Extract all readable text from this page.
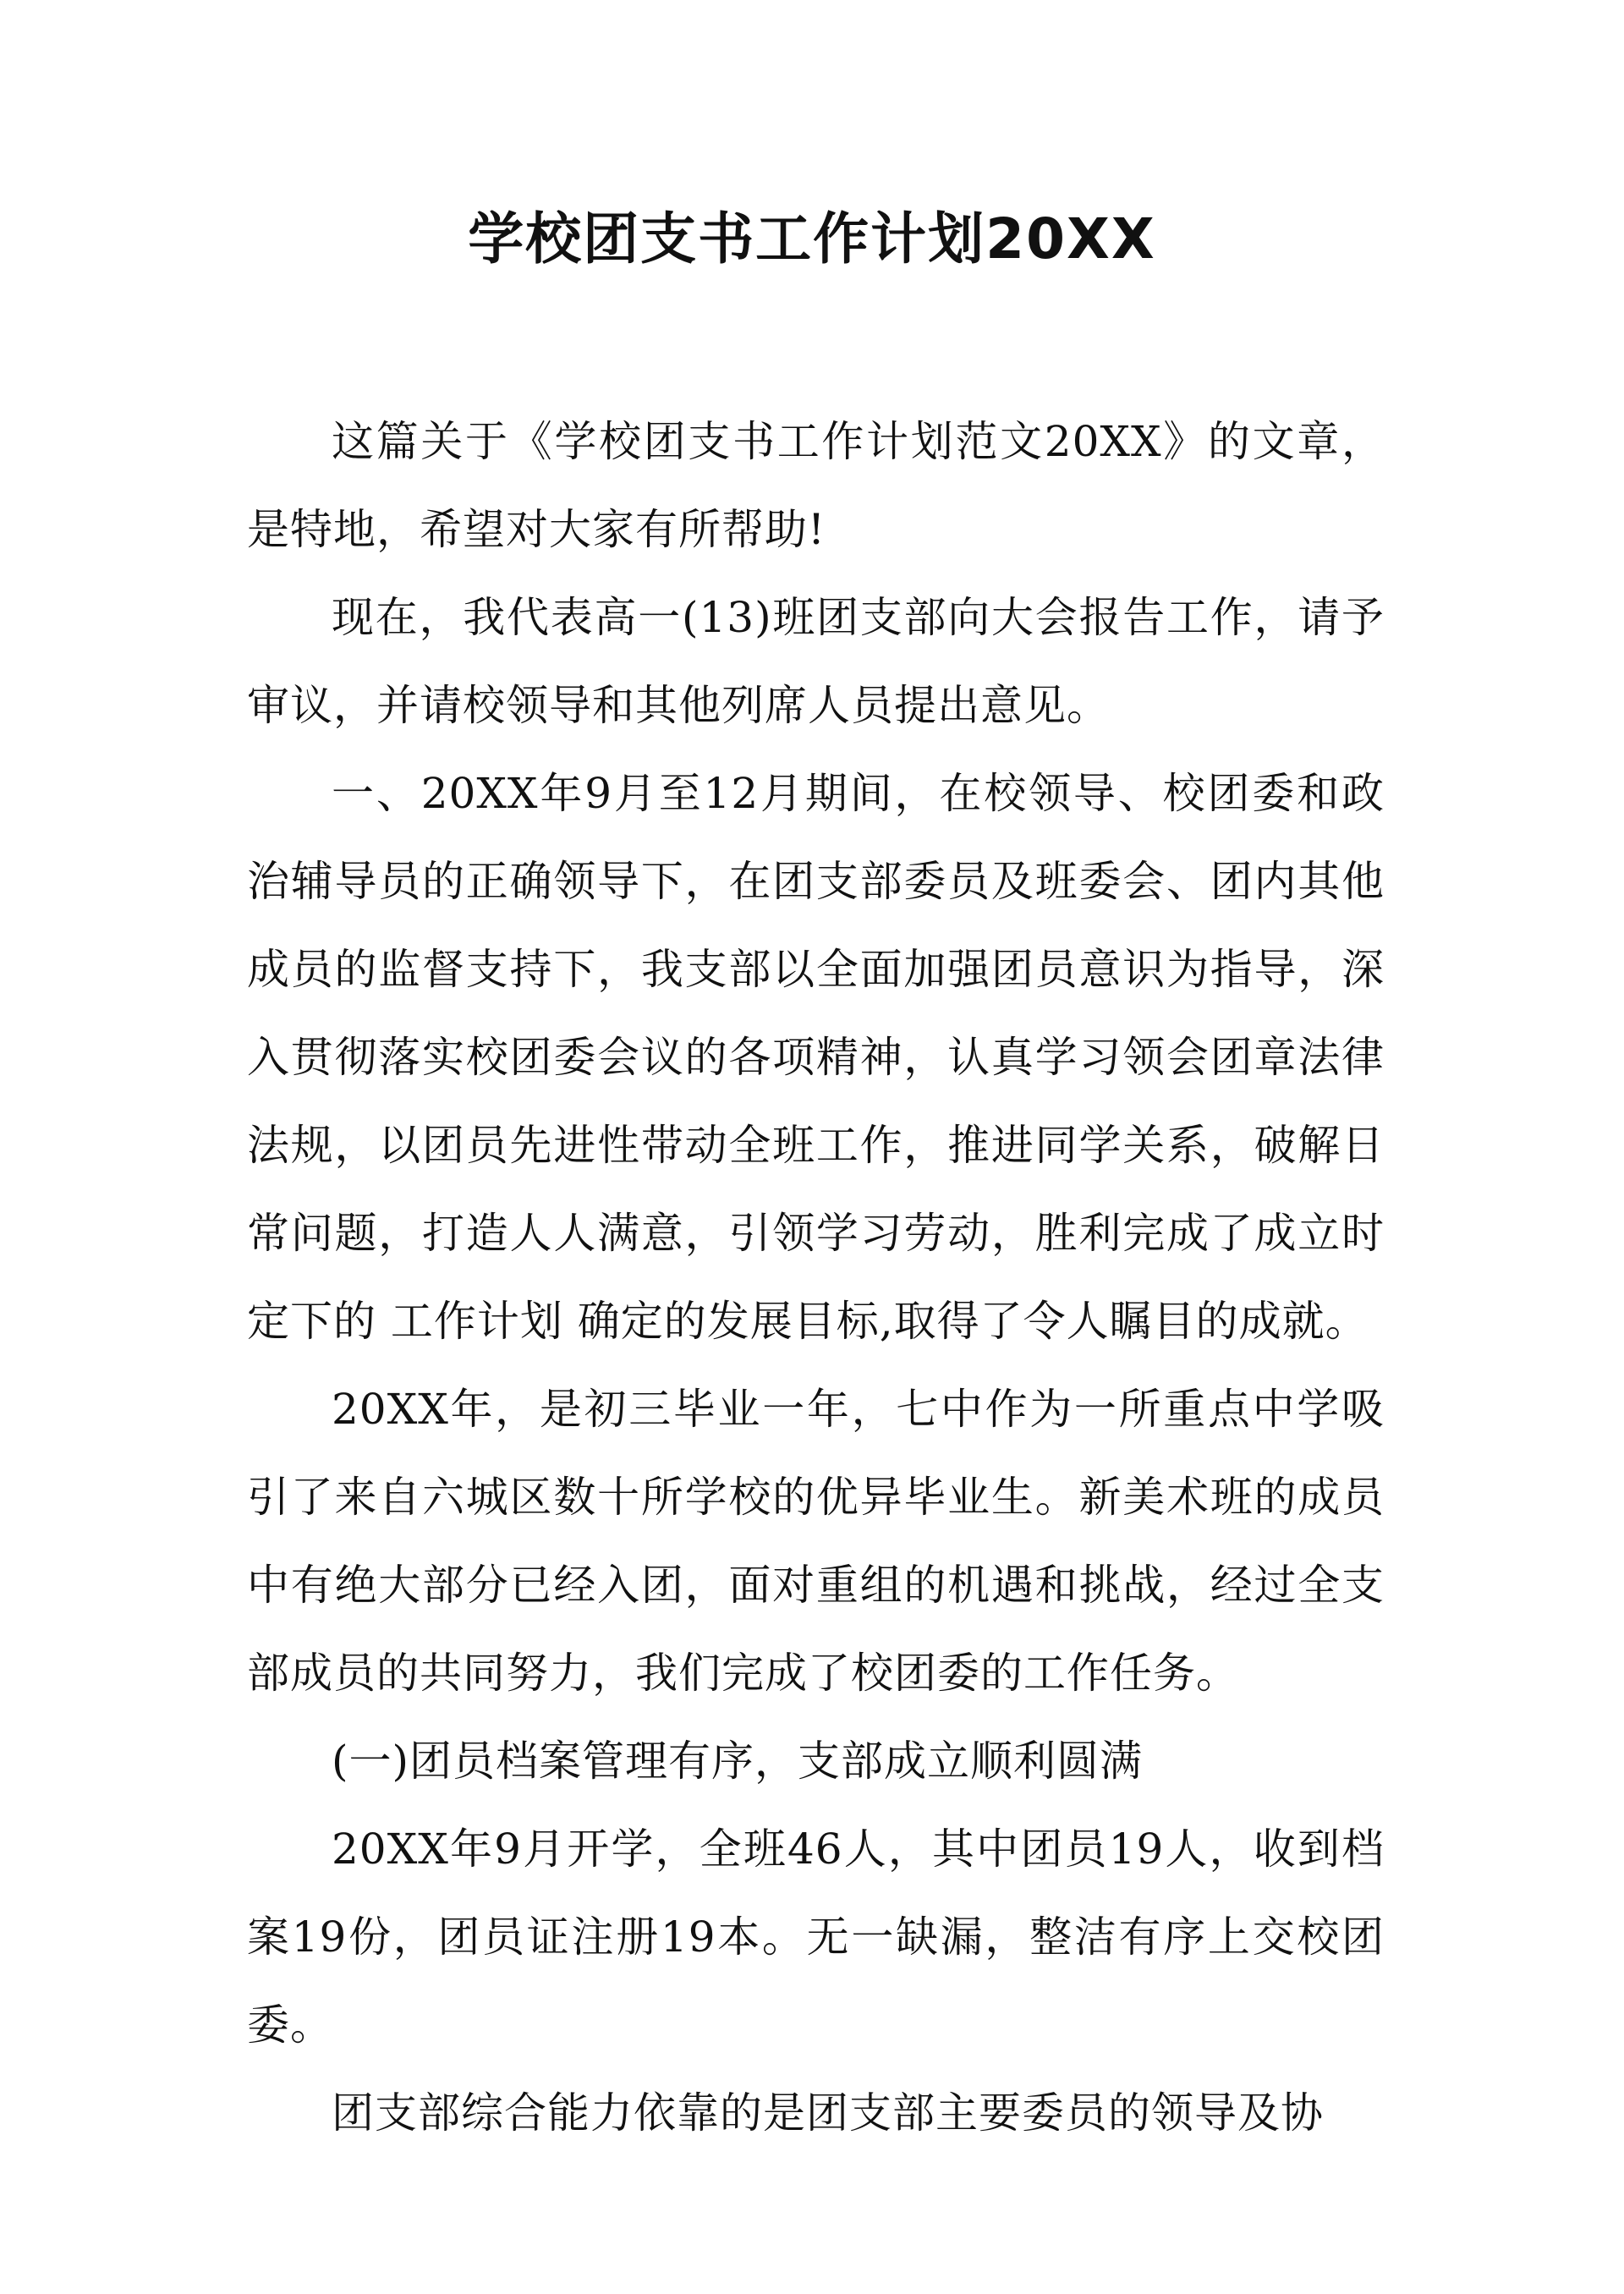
学校团支书工作计划20XX

这篇关于《学校团支书工作计划范文20XX》的文章，是特地，希望对大家有所帮助!

现在，我代表高一(13)班团支部向大会报告工作，请予审议，并请校领导和其他列席人员提出意见。

一、20XX年9月至12月期间，在校领导、校团委和政治辅导员的正确领导下，在团支部委员及班委会、团内其他成员的监督支持下，我支部以全面加强团员意识为指导，深入贯彻落实校团委会议的各项精神，认真学习领会团章法律法规，以团员先进性带动全班工作，推进同学关系，破解日常问题，打造人人满意，引领学习劳动，胜利完成了成立时定下的 工作计划 确定的发展目标,取得了令人瞩目的成就。

20XX年，是初三毕业一年，七中作为一所重点中学吸引了来自六城区数十所学校的优异毕业生。新美术班的成员中有绝大部分已经入团，面对重组的机遇和挑战，经过全支部成员的共同努力，我们完成了校团委的工作任务。

(一)团员档案管理有序，支部成立顺利圆满

20XX年9月开学，全班46人，其中团员19人，收到档案19份，团员证注册19本。无一缺漏，整洁有序上交校团委。

团支部综合能力依靠的是团支部主要委员的领导及协
